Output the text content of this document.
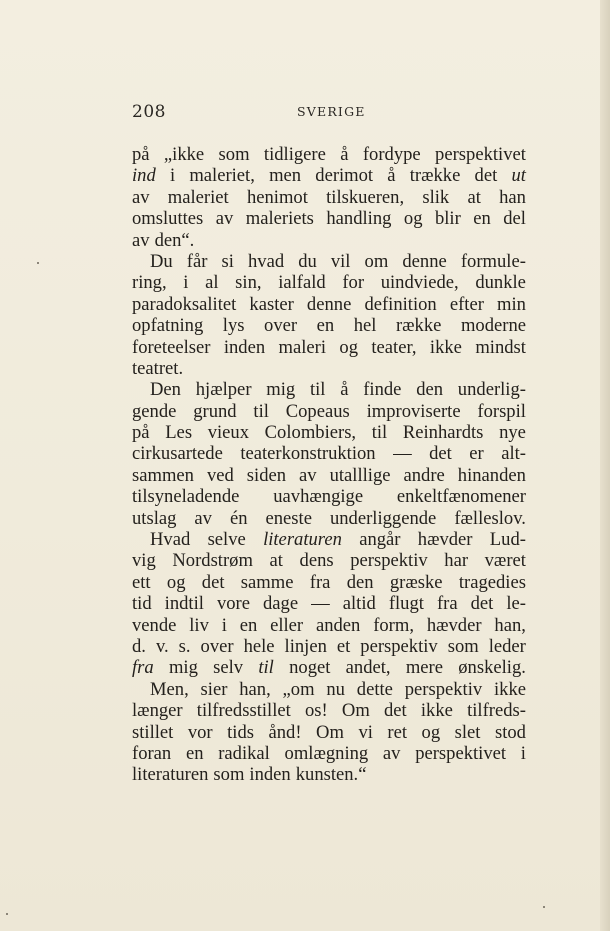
208	SVERIGE
på „ikke som tidligere å fordype perspektivet
ind i maleriet, men derimot å trække det ut
av maleriet henimot tilskueren, slik at han
omsluttes av maleriets handling og blir en del
av den“.
Du får si hvad du vil om denne formule-
ring, i al sin, ialfald for uindviede, dunkle
paradoksalitet kaster denne definition efter min
opfatning lys over en hel række moderne
foreteelser inden maleri og teater, ikke mindst
teatret.
Den hjælper mig til å finde den underlig-
gende grund til Copeaus improviserte forspil
på Les vieux Colombiers, til Reinhardts nye
cirkusartede teaterkonstruktion — det er alt-
sammen ved siden av utalllige andre hinanden
tilsyneladende uavhængige enkeltfænomener
utslag av én eneste underliggende fælleslov.
Hvad selve literaturen angår hævder Lud-
vig Nordstrøm at dens perspektiv har været
ett og det samme fra den græske tragedies
tid indtil vore dage — altid flugt fra det le-
vende liv i en eller anden form, hævder han,
d. v. s. over hele linjen et perspektiv som leder
fra mig selv til noget andet, mere ønskelig.
Men, sier han, „om nu dette perspektiv ikke
længer tilfredsstillet os! Om det ikke tilfreds-
stillet vor tids ånd! Om vi ret og slet stod
foran en radikal omlægning av perspektivet i
literaturen som inden kunsten.“
